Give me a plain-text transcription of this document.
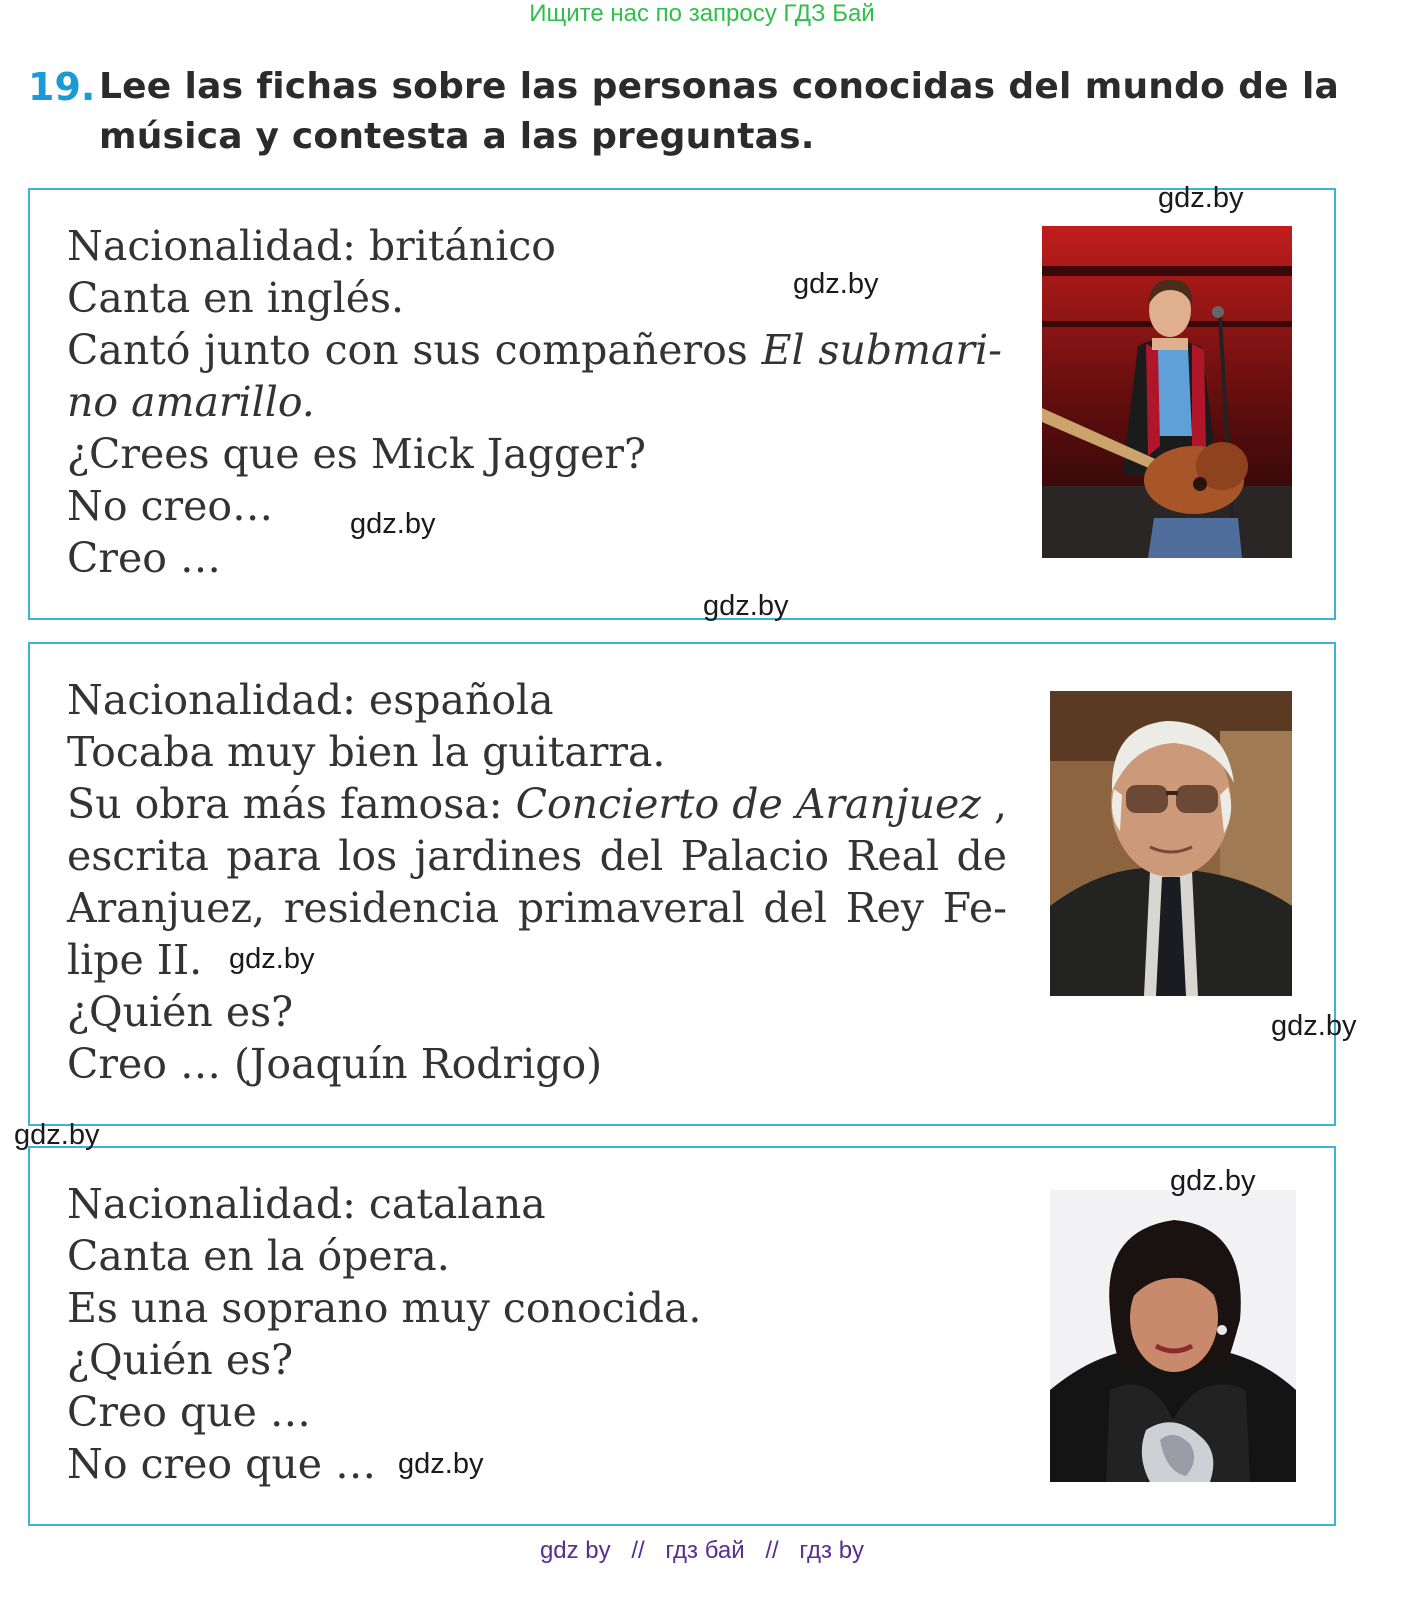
Ищите нас по запросу ГДЗ Бай
19. Lee las fichas sobre las personas conocidas del mundo de la música y contesta a las preguntas.
Nacionalidad: británico
Canta en inglés.
Cantó junto con sus compañeros El submari-
no amarillo.
¿Crees que es Mick Jagger?
No creo…
Creo …
Nacionalidad: española
Tocaba muy bien la guitarra.
Su obra más famosa: Concierto de Aranjuez ,
escrita para los jardines del Palacio Real de
Aranjuez, residencia primaveral del Rey Fe-
lipe II.
¿Quién es?
Creo … (Joaquín Rodrigo)
Nacionalidad: catalana
Canta en la ópera.
Es una soprano muy conocida.
¿Quién es?
Creo que …
No creo que …
gdz.by
gdz.by
gdz.by
gdz.by
gdz.by
gdz.by
gdz.by
gdz.by
gdz.by
gdz by // гдз бай // гдз by
